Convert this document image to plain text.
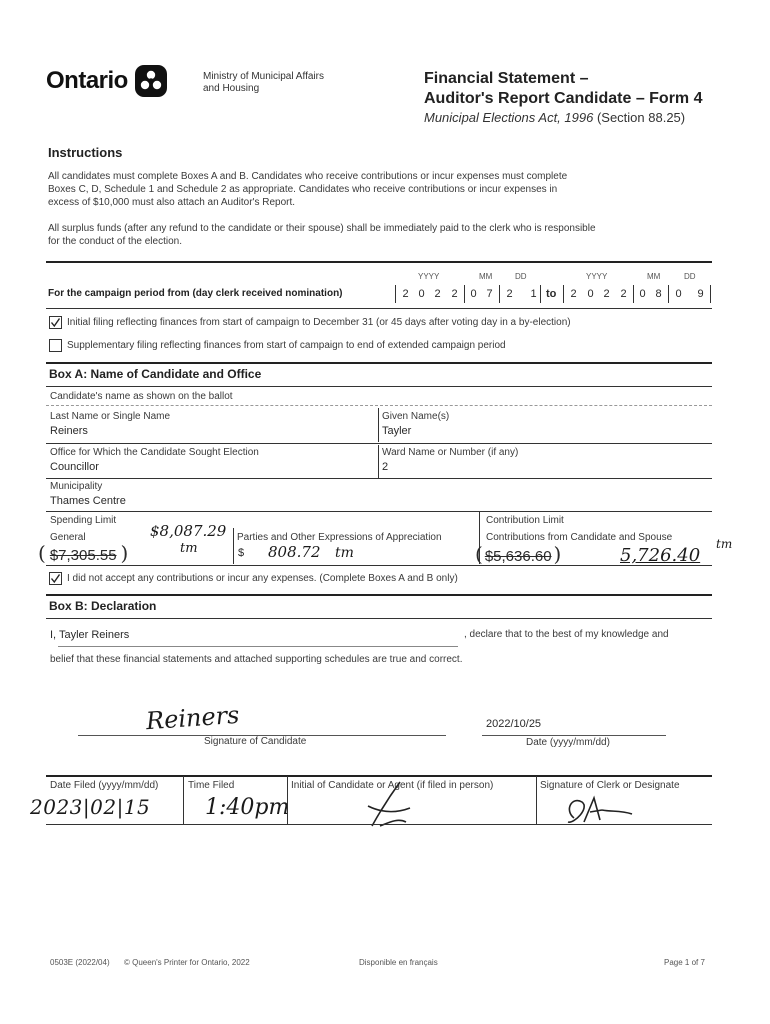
Ontario	Ministry of Municipal Affairs
and Housing
Financial Statement –
Auditor's Report Candidate – Form 4
Municipal Elections Act, 1996 (Section 88.25)
Instructions
All candidates must complete Boxes A and B. Candidates who receive contributions or incur expenses must complete
Boxes C, D, Schedule 1 and Schedule 2 as appropriate. Candidates who receive contributions or incur expenses in
excess of $10,000 must also attach an Auditor's Report.
All surplus funds (after any refund to the candidate or their spouse) shall be immediately paid to the clerk who is responsible
for the conduct of the election.
YYYY	MM	DD	YYYY	MM	DD
For the campaign period from (day clerk received nomination)	2 0 2 2	0 7	2	1 to	2 0 2 2	0 8	0	9
Initial filing reflecting finances from start of campaign to December 31 (or 45 days after voting day in a by-election)
Supplementary filing reflecting finances from start of campaign to end of extended campaign period
Box A: Name of Candidate and Office
Candidate's name as shown on the ballot
Last Name or Single Name
Reiners
Given Name(s)
Tayler
Office for Which the Candidate Sought Election
Councillor
Ward Name or Number (if any)
2
Municipality
Thames Centre
Spending Limit
General	$8,087.29
tm
( $7,305.55 )
Parties and Other Expressions of Appreciation
$ 808.72 tm
Contribution Limit
Contributions from Candidate and Spouse
( $5,636.60 )	5,726.40
tm
I did not accept any contributions or incur any expenses. (Complete Boxes A and B only)
Box B: Declaration
I, Tayler Reiners	, declare that to the best of my knowledge and
belief that these financial statements and attached supporting schedules are true and correct.
Reiners
Signature of Candidate
2022/10/25
Date (yyyy/mm/dd)
Date Filed (yyyy/mm/dd)
2023|02|15
Time Filed
1:40pm
Initial of Candidate or Agent (if filed in person)	Signature of Clerk or Designate
0503E (2022/04) © Queen's Printer for Ontario, 2022	Disponible en français	Page 1 of 7
